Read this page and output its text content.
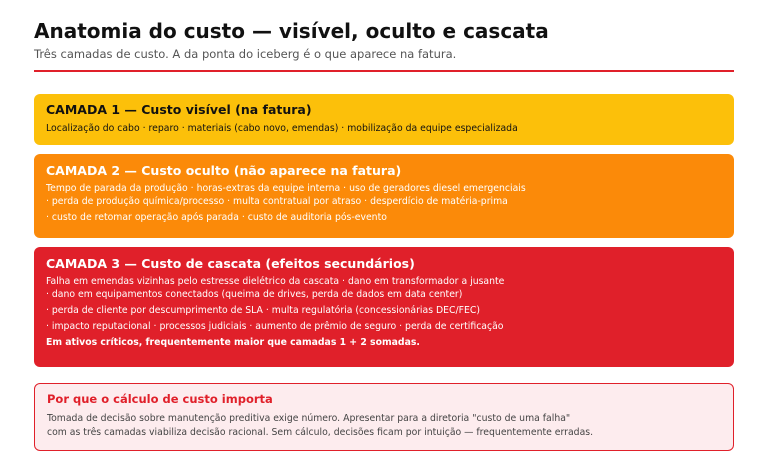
Anatomia do custo — visível, oculto e cascata
Três camadas de custo. A da ponta do iceberg é o que aparece na fatura.
CAMADA 1 — Custo visível (na fatura)
Localização do cabo · reparo · materiais (cabo novo, emendas) · mobilização da equipe especializada
CAMADA 2 — Custo oculto (não aparece na fatura)
Tempo de parada da produção · horas-extras da equipe interna · uso de geradores diesel emergenciais
· perda de produção química/processo · multa contratual por atraso · desperdício de matéria-prima
· custo de retomar operação após parada · custo de auditoria pós-evento
CAMADA 3 — Custo de cascata (efeitos secundários)
Falha em emendas vizinhas pelo estresse dielétrico da cascata · dano em transformador a jusante
· dano em equipamentos conectados (queima de drives, perda de dados em data center)
· perda de cliente por descumprimento de SLA · multa regulatória (concessionárias DEC/FEC)
· impacto reputacional · processos judiciais · aumento de prêmio de seguro · perda de certificação
Em ativos críticos, frequentemente maior que camadas 1 + 2 somadas.
Por que o cálculo de custo importa
Tomada de decisão sobre manutenção preditiva exige número. Apresentar para a diretoria "custo de uma falha"
com as três camadas viabiliza decisão racional. Sem cálculo, decisões ficam por intuição — frequentemente erradas.
